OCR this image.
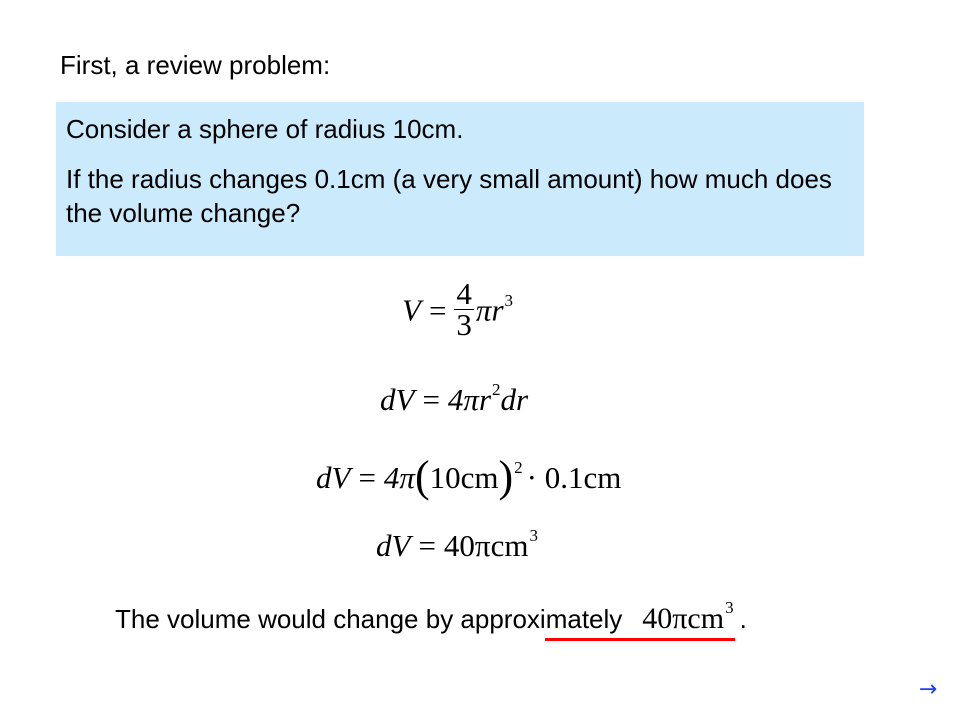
First, a review problem:

Consider a sphere of radius 10cm.

If the radius changes 0.1cm (a very small amount) how much does the volume change?

$V = \frac{4}{3} \pi r^3$
dV = $4\pi r^2dr$
dV = $4\pi(10cm)^2 \cdot 0.1cm$
dV = 40πcm$^3$
The volume would change by approximately 40πcm$^3$ .
→
